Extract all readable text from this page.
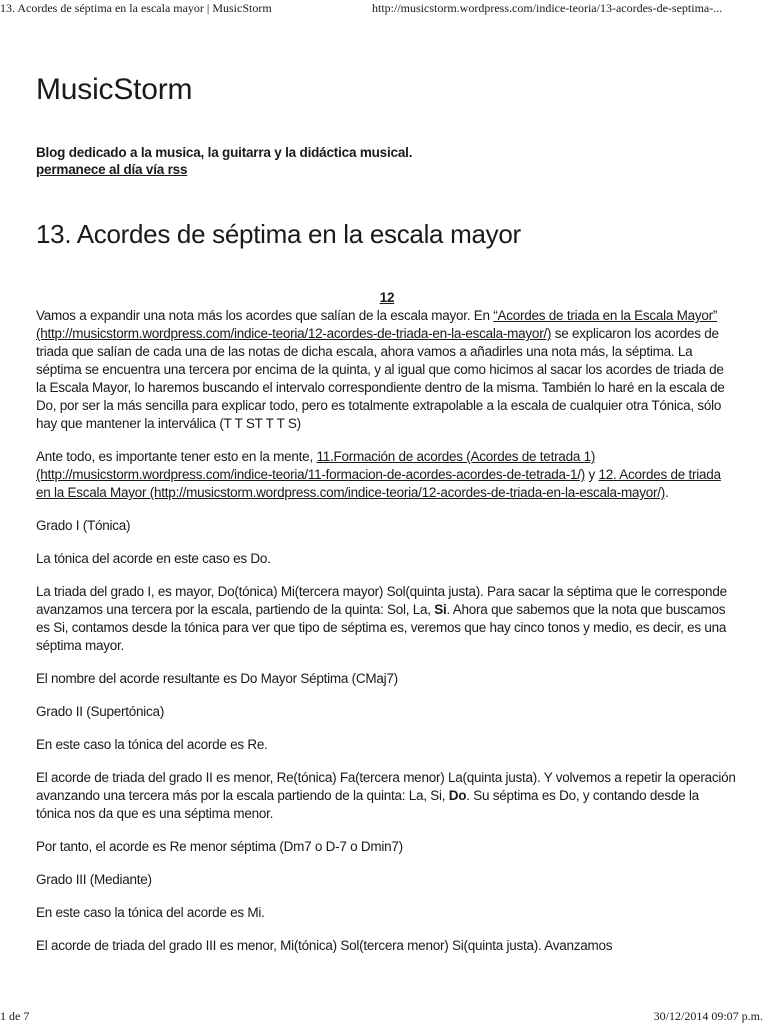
13. Acordes de séptima en la escala mayor | MusicStorm	http://musicstorm.wordpress.com/indice-teoria/13-acordes-de-septima-...
MusicStorm
Blog dedicado a la musica, la guitarra y la didáctica musical.
permanece al día vía rss
13. Acordes de séptima en la escala mayor

12

Vamos a expandir una nota más los acordes que salían de la escala mayor. En “Acordes de triada en la Escala Mayor” (http://musicstorm.wordpress.com/indice-teoria/12-acordes-de-triada-en-la-escala-mayor/) se explicaron los acordes de triada que salían de cada una de las notas de dicha escala, ahora vamos a añadirles una nota más, la séptima. La séptima se encuentra una tercera por encima de la quinta, y al igual que como hicimos al sacar los acordes de triada de la Escala Mayor, lo haremos buscando el intervalo correspondiente dentro de la misma. También lo haré en la escala de Do, por ser la más sencilla para explicar todo, pero es totalmente extrapolable a la escala de cualquier otra Tónica, sólo hay que mantener la interválica (T T ST T T S)

Ante todo, es importante tener esto en la mente, 11.Formación de acordes (Acordes de tetrada 1) (http://musicstorm.wordpress.com/indice-teoria/11-formacion-de-acordes-acordes-de-tetrada-1/) y 12. Acordes de triada en la Escala Mayor (http://musicstorm.wordpress.com/indice-teoria/12-acordes-de-triada-en-la-escala-mayor/).

Grado I (Tónica)

La tónica del acorde en este caso es Do.

La triada del grado I, es mayor, Do(tónica) Mi(tercera mayor) Sol(quinta justa). Para sacar la séptima que le corresponde avanzamos una tercera por la escala, partiendo de la quinta: Sol, La, Si. Ahora que sabemos que la nota que buscamos es Si, contamos desde la tónica para ver que tipo de séptima es, veremos que hay cinco tonos y medio, es decir, es una séptima mayor.

El nombre del acorde resultante es Do Mayor Séptima (CMaj7)

Grado II (Supertónica)

En este caso la tónica del acorde es Re.

El acorde de triada del grado II es menor, Re(tónica) Fa(tercera menor) La(quinta justa). Y volvemos a repetir la operación avanzando una tercera más por la escala partiendo de la quinta: La, Si, Do. Su séptima es Do, y contando desde la tónica nos da que es una séptima menor.

Por tanto, el acorde es Re menor séptima (Dm7 o D-7 o Dmin7)

Grado III (Mediante)

En este caso la tónica del acorde es Mi.

El acorde de triada del grado III es menor, Mi(tónica) Sol(tercera menor) Si(quinta justa). Avanzamos

1 de 7	30/12/2014 09:07 p.m.
